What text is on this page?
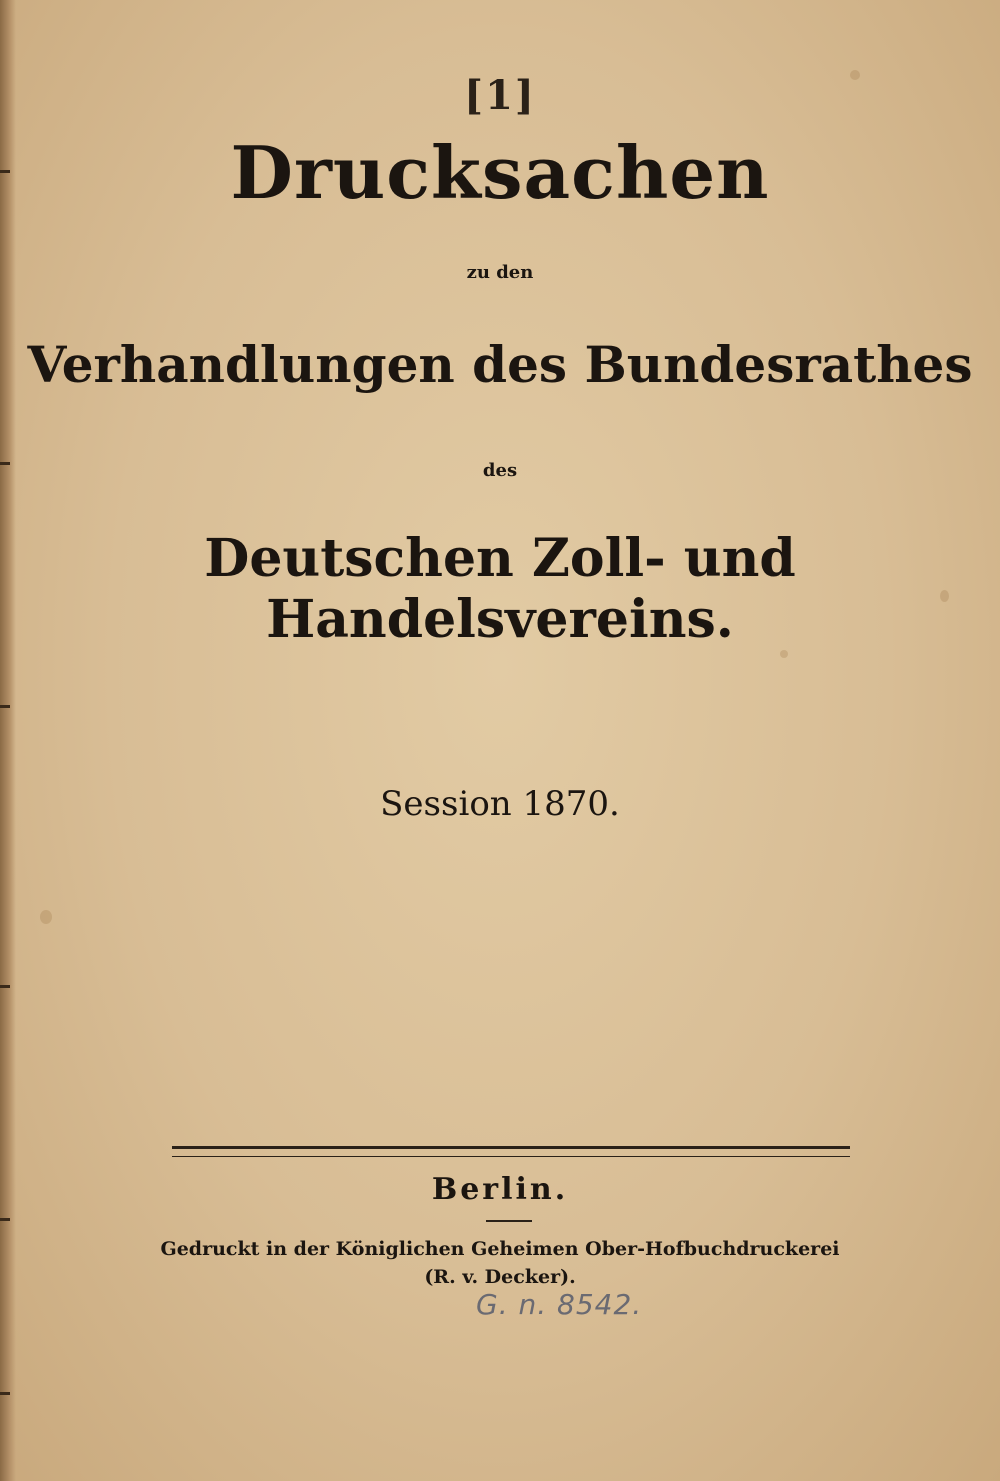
[1]
Drucksachen
zu den
Verhandlungen des Bundesrathes
des
Deutschen Zoll- und Handelsvereins.
Session 1870.
Berlin.
Gedruckt in der Königlichen Geheimen Ober-Hofbuchdruckerei
(R. v. Decker).
G. n. 8542.
